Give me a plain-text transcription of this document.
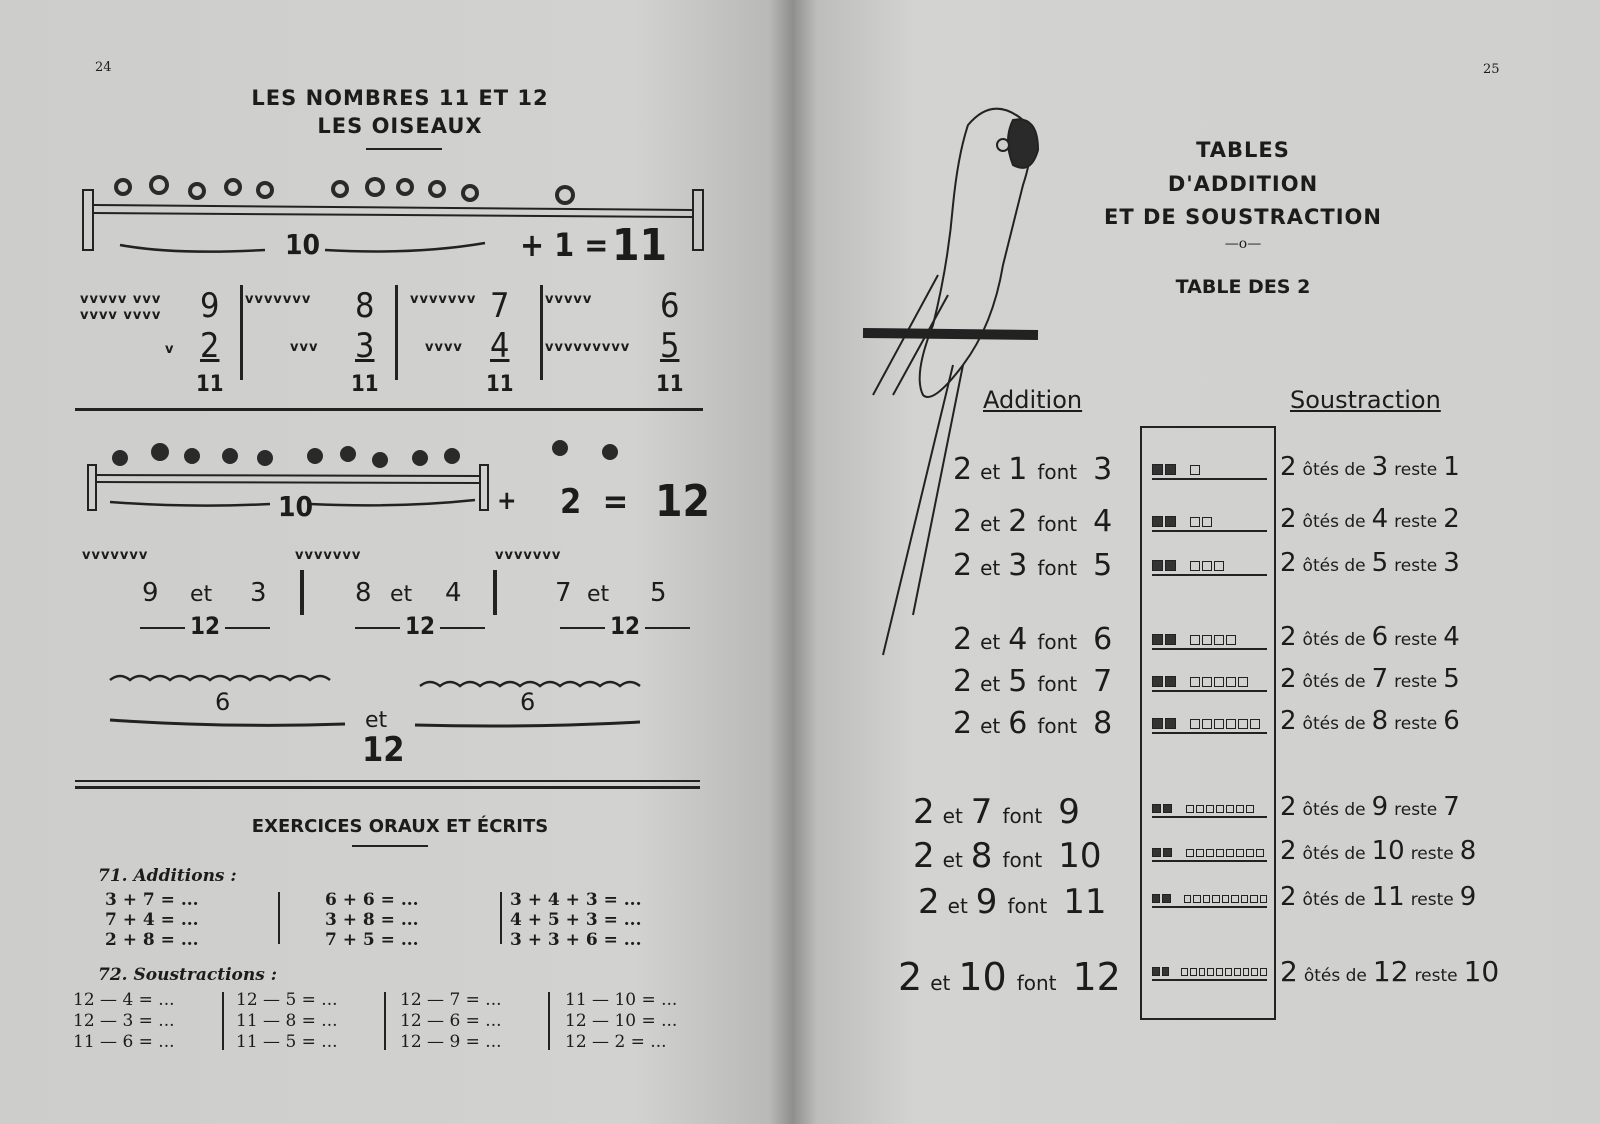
24
LES NOMBRES 11 ET 12
LES OISEAUX
10	+ 1 = 11
9
2
11
8
3
11
7
4
11
6
5
11
vvvvv vvv
vvvv vvvv
v
vvvvvvv
vvv
vvvvvvv
vvvv
vvvvv
vvvvvvvvv
10	+ 2  = 12
9 et 3
12
vvvvvvv
8 et 4
12
vvvvvvv
7 et 5
12
vvvvvvv
6
et
6
12
EXERCICES ORAUX ET ÉCRITS
71. Additions :
3 + 7 = ...
7 + 4 = ...
2 + 8 = ...
6 + 6 = ...
3 + 8 = ...
7 + 5 = ...
3 + 4 + 3 = ...
4 + 5 + 3 = ...
3 + 3 + 6 = ...
72. Soustractions :
12 — 4 = ...
12 — 3 = ...
11 — 6 = ...
12 — 5 = ...
11 — 8 = ...
11 — 5 = ...
12 — 7 = ...
12 — 6 = ...
12 — 9 = ...
11 — 10 = ...
12 — 10 = ...
12 — 2 = ...
25
TABLES
D'ADDITION
ET DE SOUSTRACTION
—o—
TABLE DES 2
Addition	Soustraction
2 et 1 font 3	2 ôtés de 3 reste 1
2 et 2 font 4	2 ôtés de 4 reste 2
2 et 3 font 5	2 ôtés de 5 reste 3
2 et 4 font 6	2 ôtés de 6 reste 4
2 et 5 font 7	2 ôtés de 7 reste 5
2 et 6 font 8	2 ôtés de 8 reste 6
2 et 7 font 9	2 ôtés de 9 reste 7
2 et 8 font 10	2 ôtés de 10 reste 8
2 et 9 font 11	2 ôtés de 11 reste 9
2 et 10 font 12	2 ôtés de 12 reste 10
